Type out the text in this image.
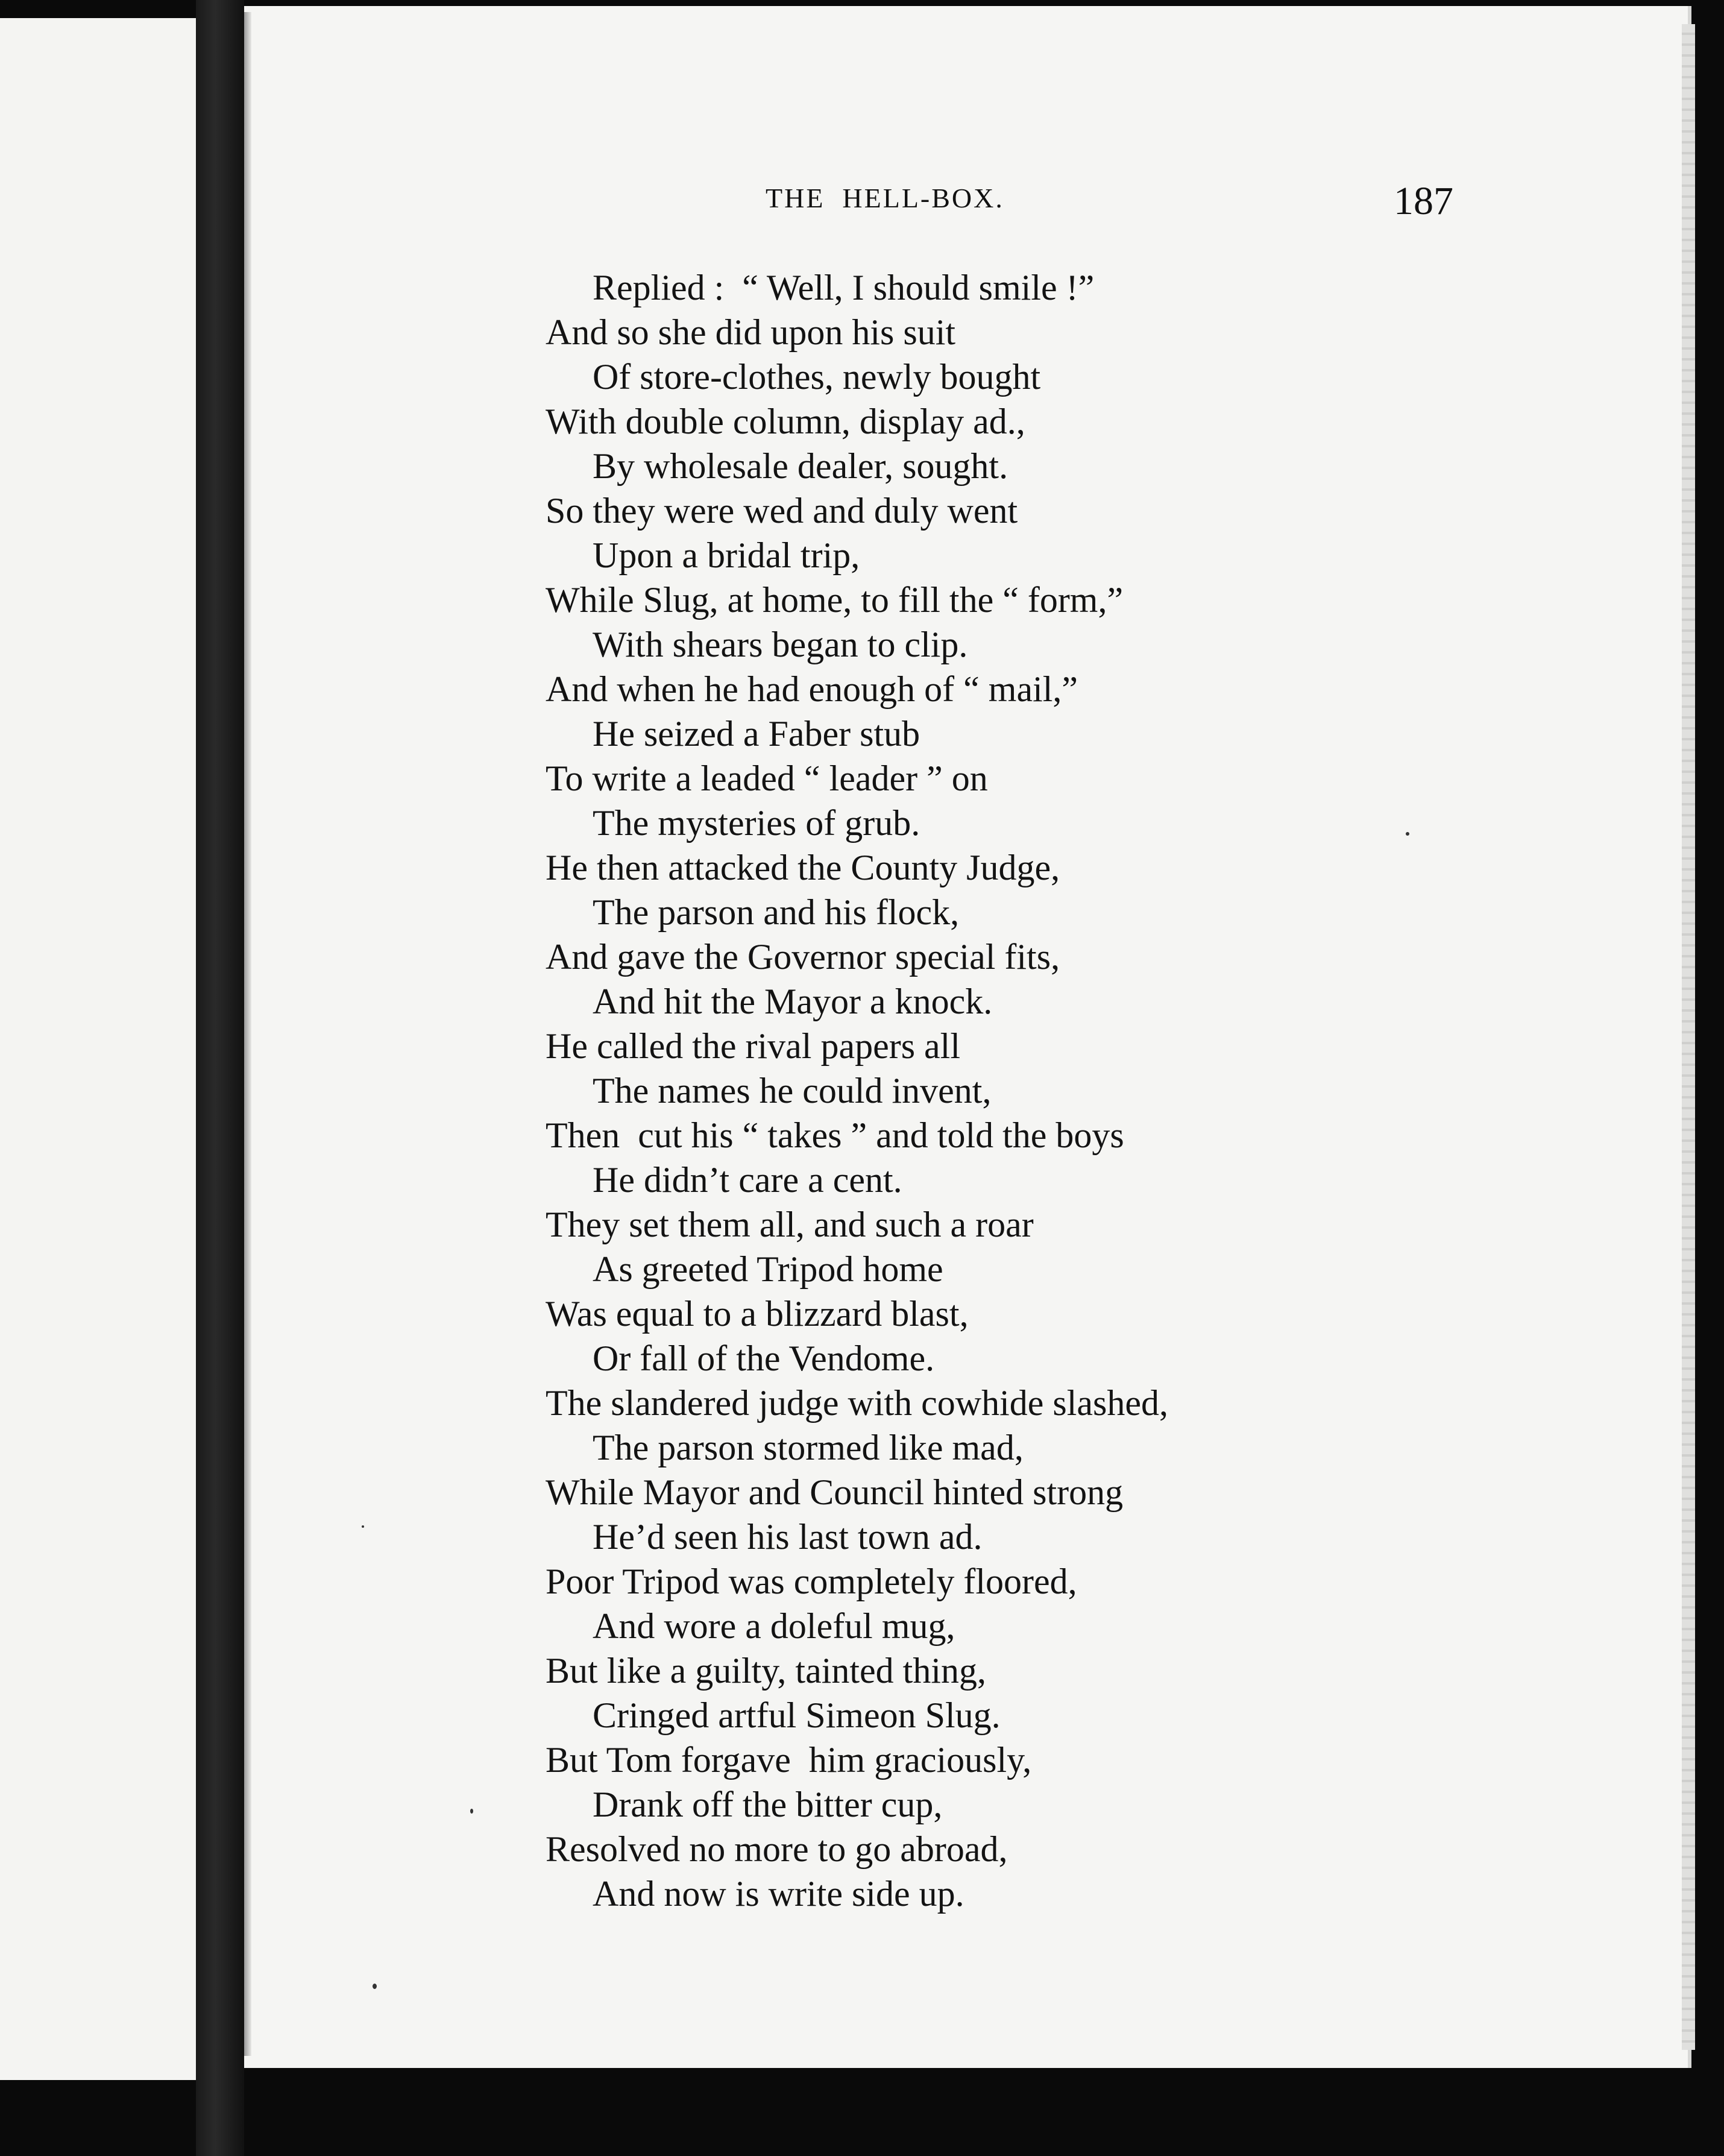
THE  HELL-BOX.	187
Replied :  “ Well, I should smile !”
And so she did upon his suit
Of store-clothes, newly bought
With double column, display ad.,
By wholesale dealer, sought.
So they were wed and duly went
Upon a bridal trip,
While Slug, at home, to fill the “ form,”
With shears began to clip.
And when he had enough of “ mail,”
He seized a Faber stub
To write a leaded “ leader ” on
The mysteries of grub.
He then attacked the County Judge,
The parson and his flock,
And gave the Governor special fits,
And hit the Mayor a knock.
He called the rival papers all
The names he could invent,
Then  cut his “ takes ” and told the boys
He didn’t care a cent.
They set them all, and such a roar
As greeted Tripod home
Was equal to a blizzard blast,
Or fall of the Vendome.
The slandered judge with cowhide slashed,
The parson stormed like mad,
While Mayor and Council hinted strong
He’d seen his last town ad.
Poor Tripod was completely floored,
And wore a doleful mug,
But like a guilty, tainted thing,
Cringed artful Simeon Slug.
But Tom forgave  him graciously,
Drank off the bitter cup,
Resolved no more to go abroad,
And now is write side up.
